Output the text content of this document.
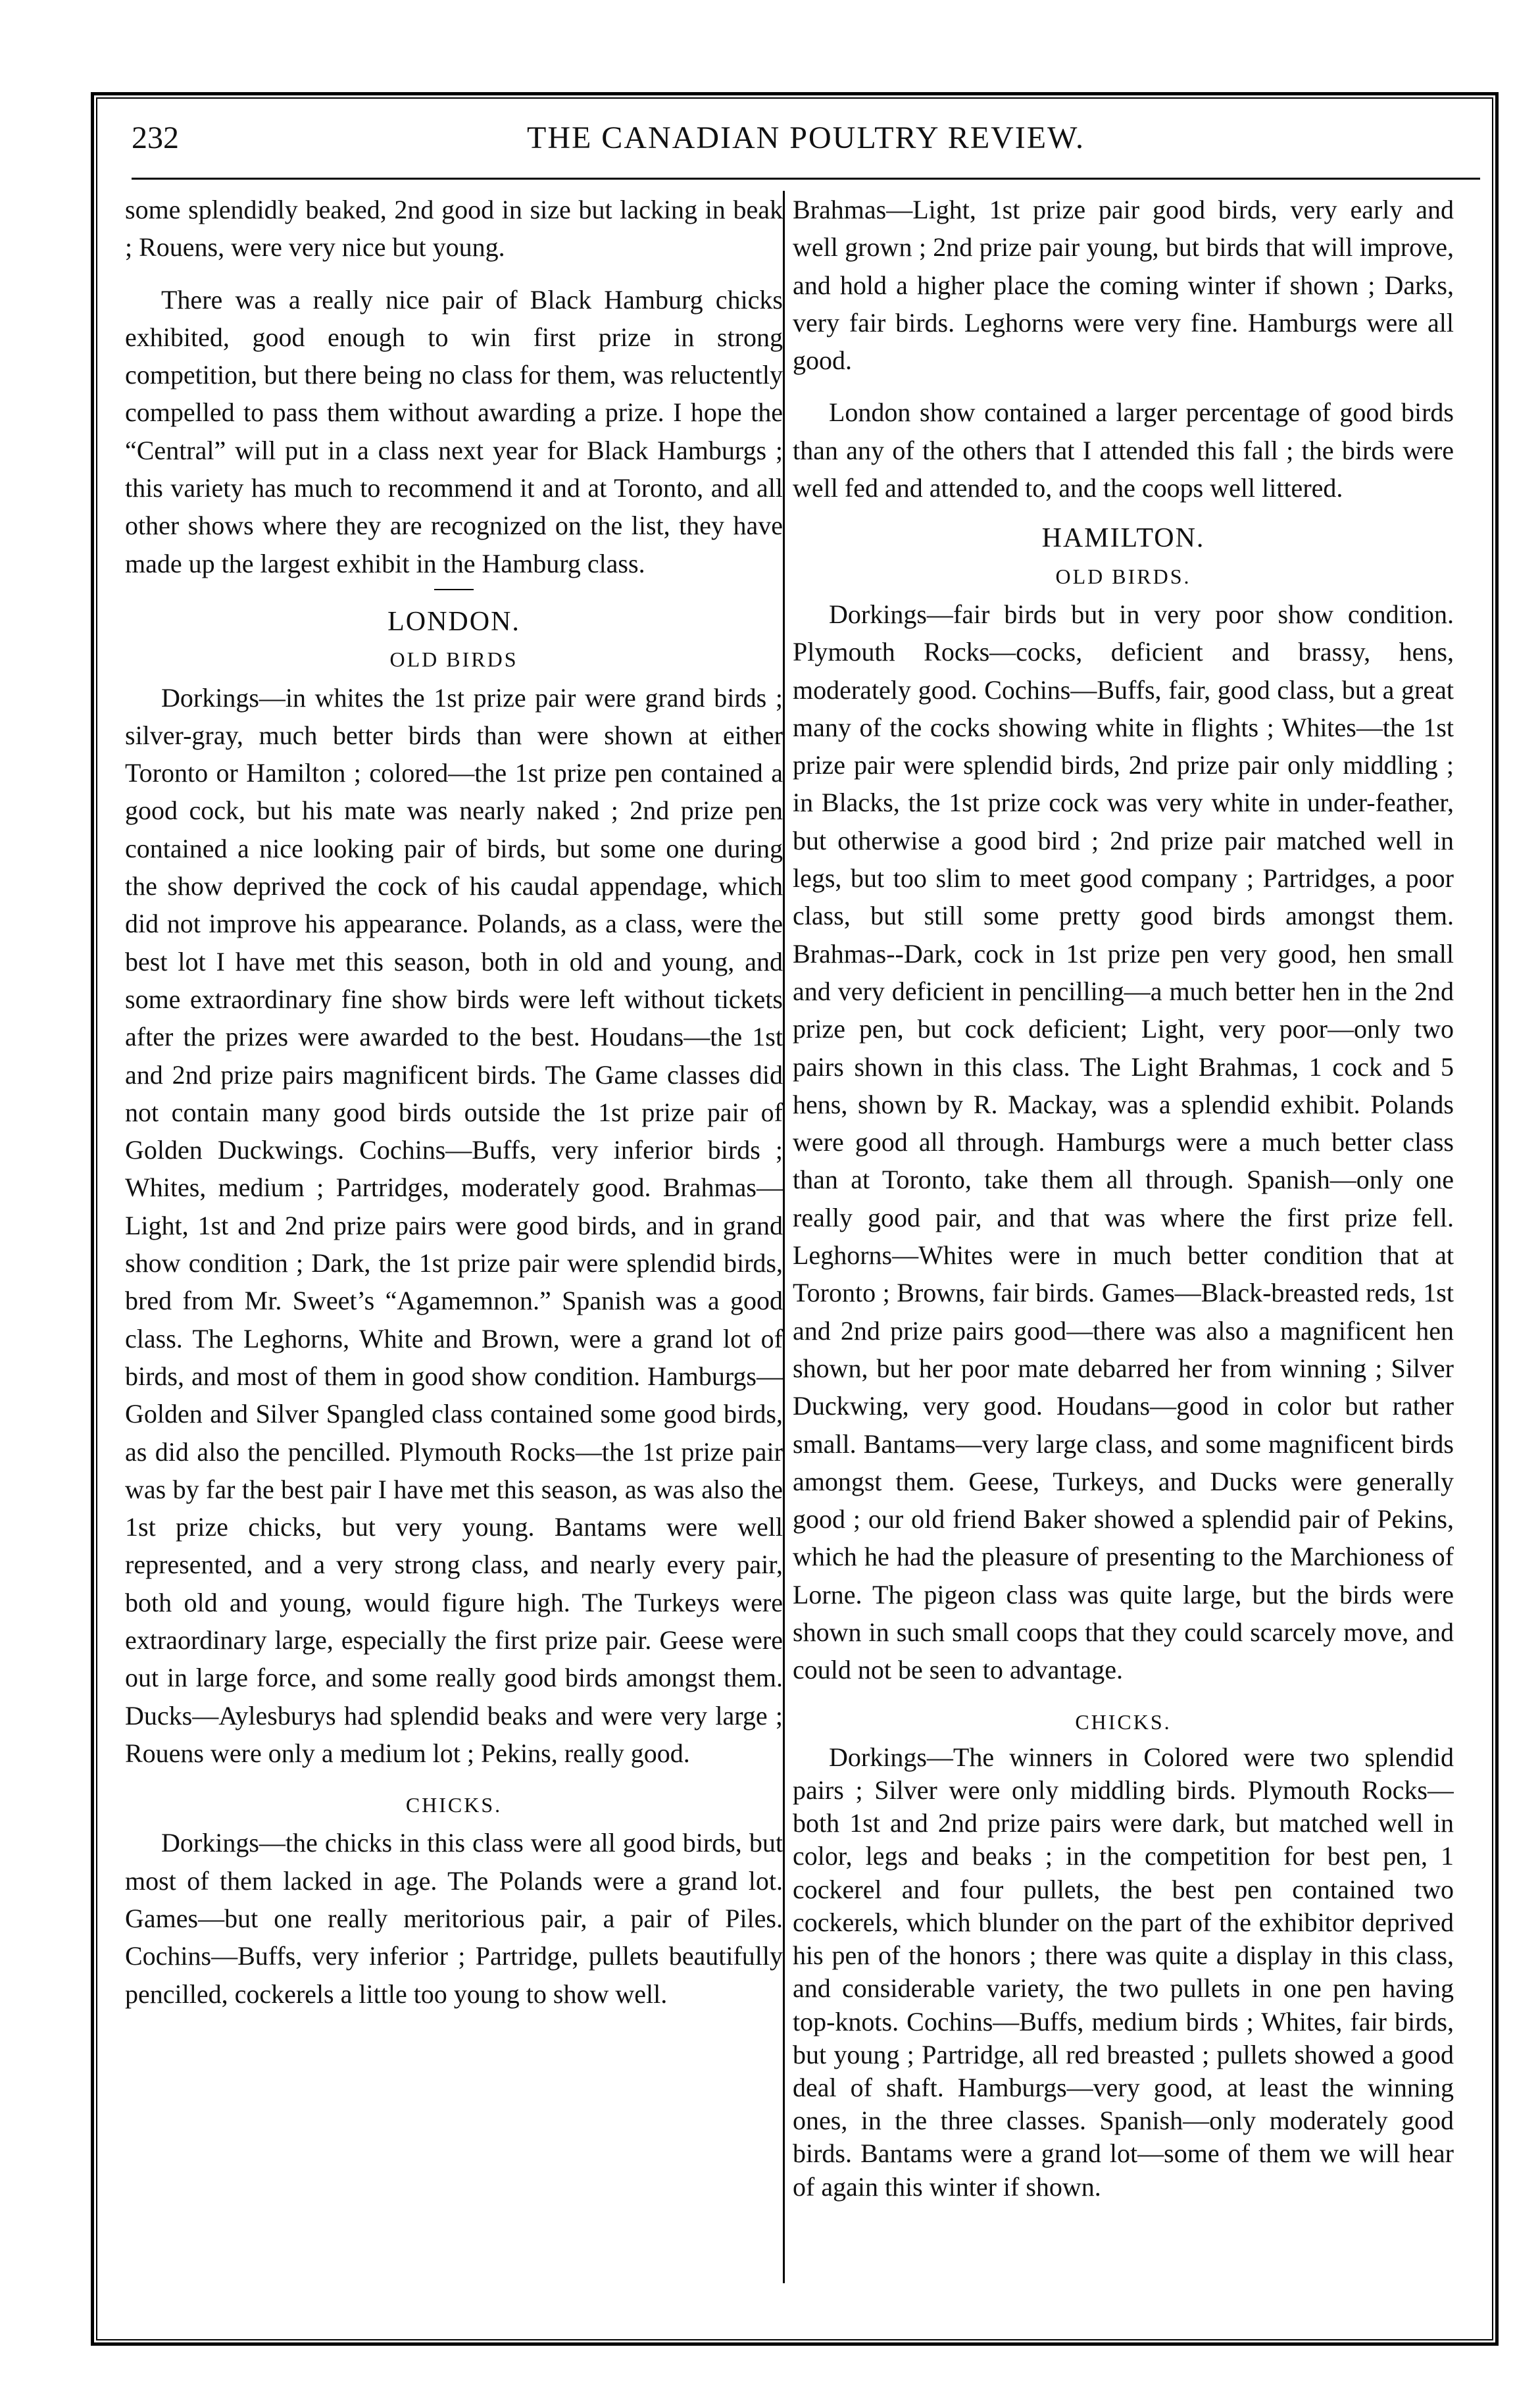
232	THE CANADIAN POULTRY REVIEW.

some splendidly beaked, 2nd good in size but lacking in beak ; Rouens, were very nice but young.

There was a really nice pair of Black Hamburg chicks exhibited, good enough to win first prize in strong competition, but there being no class for them, was reluctently compelled to pass them without awarding a prize. I hope the “Central” will put in a class next year for Black Hamburgs ; this variety has much to recommend it and at Toronto, and all other shows where they are recognized on the list, they have made up the largest exhibit in the Hamburg class.

LONDON.

OLD BIRDS

Dorkings—in whites the 1st prize pair were grand birds ; silver-gray, much better birds than were shown at either Toronto or Hamilton ; colored—the 1st prize pen contained a good cock, but his mate was nearly naked ; 2nd prize pen contained a nice looking pair of birds, but some one during the show deprived the cock of his caudal appendage, which did not improve his appearance. Polands, as a class, were the best lot I have met this season, both in old and young, and some extraordinary fine show birds were left without tickets after the prizes were awarded to the best. Houdans—the 1st and 2nd prize pairs magnificent birds. The Game classes did not contain many good birds outside the 1st prize pair of Golden Duckwings. Cochins—Buffs, very inferior birds ; Whites, medium ; Partridges, moderately good. Brahmas—Light, 1st and 2nd prize pairs were good birds, and in grand show condition ; Dark, the 1st prize pair were splendid birds, bred from Mr. Sweet’s “Agamemnon.” Spanish was a good class. The Leghorns, White and Brown, were a grand lot of birds, and most of them in good show condition. Hamburgs—Golden and Silver Spangled class contained some good birds, as did also the pencilled. Plymouth Rocks—the 1st prize pair was by far the best pair I have met this season, as was also the 1st prize chicks, but very young. Bantams were well represented, and a very strong class, and nearly every pair, both old and young, would figure high. The Turkeys were extraordinary large, especially the first prize pair. Geese were out in large force, and some really good birds amongst them. Ducks—Aylesburys had splendid beaks and were very large ; Rouens were only a medium lot ; Pekins, really good.

CHICKS.

Dorkings—the chicks in this class were all good birds, but most of them lacked in age. The Polands were a grand lot. Games—but one really meritorious pair, a pair of Piles. Cochins—Buffs, very inferior ; Partridge, pullets beautifully pencilled, cockerels a little too young to show well.

Brahmas—Light, 1st prize pair good birds, very early and well grown ; 2nd prize pair young, but birds that will improve, and hold a higher place the coming winter if shown ; Darks, very fair birds. Leghorns were very fine. Hamburgs were all good.

London show contained a larger percentage of good birds than any of the others that I attended this fall ; the birds were well fed and attended to, and the coops well littered.

HAMILTON.

OLD BIRDS.

Dorkings—fair birds but in very poor show condition. Plymouth Rocks—cocks, deficient and brassy, hens, moderately good. Cochins—Buffs, fair, good class, but a great many of the cocks showing white in flights ; Whites—the 1st prize pair were splendid birds, 2nd prize pair only middling ; in Blacks, the 1st prize cock was very white in under-feather, but otherwise a good bird ; 2nd prize pair matched well in legs, but too slim to meet good company ; Partridges, a poor class, but still some pretty good birds amongst them. Brahmas--Dark, cock in 1st prize pen very good, hen small and very deficient in pencilling—a much better hen in the 2nd prize pen, but cock deficient; Light, very poor—only two pairs shown in this class. The Light Brahmas, 1 cock and 5 hens, shown by R. Mackay, was a splendid exhibit. Polands were good all through. Hamburgs were a much better class than at Toronto, take them all through. Spanish—only one really good pair, and that was where the first prize fell. Leghorns—Whites were in much better condition that at Toronto ; Browns, fair birds. Games—Black-breasted reds, 1st and 2nd prize pairs good—there was also a magnificent hen shown, but her poor mate debarred her from winning ; Silver Duckwing, very good. Houdans—good in color but rather small. Bantams—very large class, and some magnificent birds amongst them. Geese, Turkeys, and Ducks were generally good ; our old friend Baker showed a splendid pair of Pekins, which he had the pleasure of presenting to the Marchioness of Lorne. The pigeon class was quite large, but the birds were shown in such small coops that they could scarcely move, and could not be seen to advantage.

CHICKS.

Dorkings—The winners in Colored were two splendid pairs ; Silver were only middling birds. Plymouth Rocks—both 1st and 2nd prize pairs were dark, but matched well in color, legs and beaks ; in the competition for best pen, 1 cockerel and four pullets, the best pen contained two cockerels, which blunder on the part of the exhibitor deprived his pen of the honors ; there was quite a display in this class, and considerable variety, the two pullets in one pen having top-knots. Cochins—Buffs, medium birds ; Whites, fair birds, but young ; Partridge, all red breasted ; pullets showed a good deal of shaft. Hamburgs—very good, at least the winning ones, in the three classes. Spanish—only moderately good birds. Bantams were a grand lot—some of them we will hear of again this winter if shown.
